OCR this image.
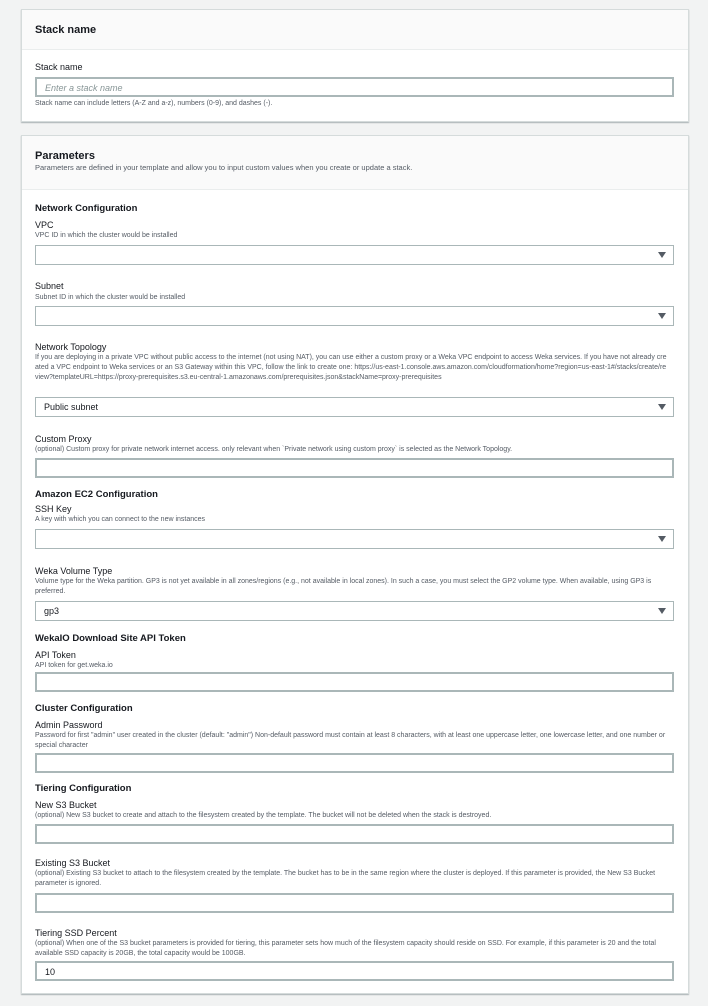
Stack name
Stack name
Enter a stack name
Stack name can include letters (A-Z and a-z), numbers (0-9), and dashes (-).
Parameters
Parameters are defined in your template and allow you to input custom values when you create or update a stack.
Network Configuration
VPC
VPC ID in which the cluster would be installed
Subnet
Subnet ID in which the cluster would be installed
Network Topology
If you are deploying in a private VPC without public access to the internet (not using NAT), you can use either a custom proxy or a Weka VPC endpoint to access Weka services. If you have not already created a VPC endpoint to Weka services or an S3 Gateway within this VPC, follow the link to create one: https://us-east-1.console.aws.amazon.com/cloudformation/home?region=us-east-1#/stacks/create/review?templateURL=https://proxy-prerequisites.s3.eu-central-1.amazonaws.com/prerequisites.json&stackName=proxy-prerequisites
Public subnet
Custom Proxy
(optional) Custom proxy for private network internet access. only relevant when `Private network using custom proxy` is selected as the Network Topology.
Amazon EC2 Configuration
SSH Key
A key with which you can connect to the new instances
Weka Volume Type
Volume type for the Weka partition. GP3 is not yet available in all zones/regions (e.g., not available in local zones). In such a case, you must select the GP2 volume type. When available, using GP3 is preferred.
gp3
WekaIO Download Site API Token
API Token
API token for get.weka.io
Cluster Configuration
Admin Password
Password for first "admin" user created in the cluster (default: "admin") Non-default password must contain at least 8 characters, with at least one uppercase letter, one lowercase letter, and one number or special character
Tiering Configuration
New S3 Bucket
(optional) New S3 bucket to create and attach to the filesystem created by the template. The bucket will not be deleted when the stack is destroyed.
Existing S3 Bucket
(optional) Existing S3 bucket to attach to the filesystem created by the template. The bucket has to be in the same region where the cluster is deployed. If this parameter is provided, the New S3 Bucket parameter is ignored.
Tiering SSD Percent
(optional) When one of the S3 bucket parameters is provided for tiering, this parameter sets how much of the filesystem capacity should reside on SSD. For example, if this parameter is 20 and the total available SSD capacity is 20GB, the total capacity would be 100GB.
10
